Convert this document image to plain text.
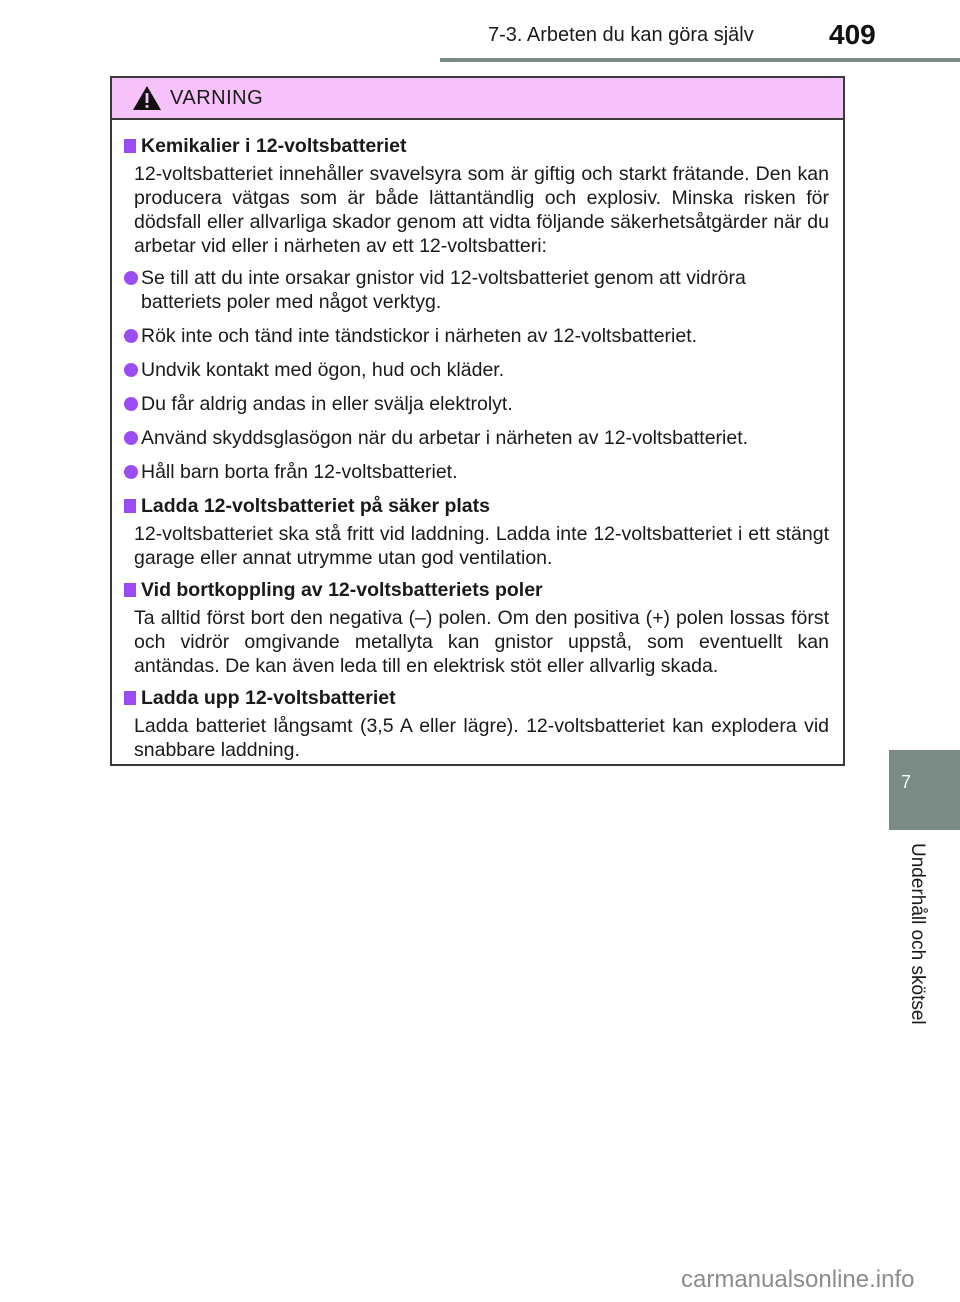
7-3. Arbeten du kan göra själv	409
VARNING
Kemikalier i 12-voltsbatteriet
12-voltsbatteriet innehåller svavelsyra som är giftig och starkt frätande. Den kan producera vätgas som är både lättantändlig och explosiv. Minska risken för dödsfall eller allvarliga skador genom att vidta följande säkerhetsåtgärder när du arbetar vid eller i närheten av ett 12-voltsbatteri:
Se till att du inte orsakar gnistor vid 12-voltsbatteriet genom att vidröra batteriets poler med något verktyg.
Rök inte och tänd inte tändstickor i närheten av 12-voltsbatteriet.
Undvik kontakt med ögon, hud och kläder.
Du får aldrig andas in eller svälja elektrolyt.
Använd skyddsglasögon när du arbetar i närheten av 12-voltsbatteriet.
Håll barn borta från 12-voltsbatteriet.
Ladda 12-voltsbatteriet på säker plats
12-voltsbatteriet ska stå fritt vid laddning. Ladda inte 12-voltsbatteriet i ett stängt garage eller annat utrymme utan god ventilation.
Vid bortkoppling av 12-voltsbatteriets poler
Ta alltid först bort den negativa (–) polen. Om den positiva (+) polen lossas först och vidrör omgivande metallyta kan gnistor uppstå, som eventuellt kan antändas. De kan även leda till en elektrisk stöt eller allvarlig skada.
Ladda upp 12-voltsbatteriet
Ladda batteriet långsamt (3,5 A eller lägre). 12-voltsbatteriet kan explodera vid snabbare laddning.
7
Underhåll och skötsel
carmanualsonline.info
